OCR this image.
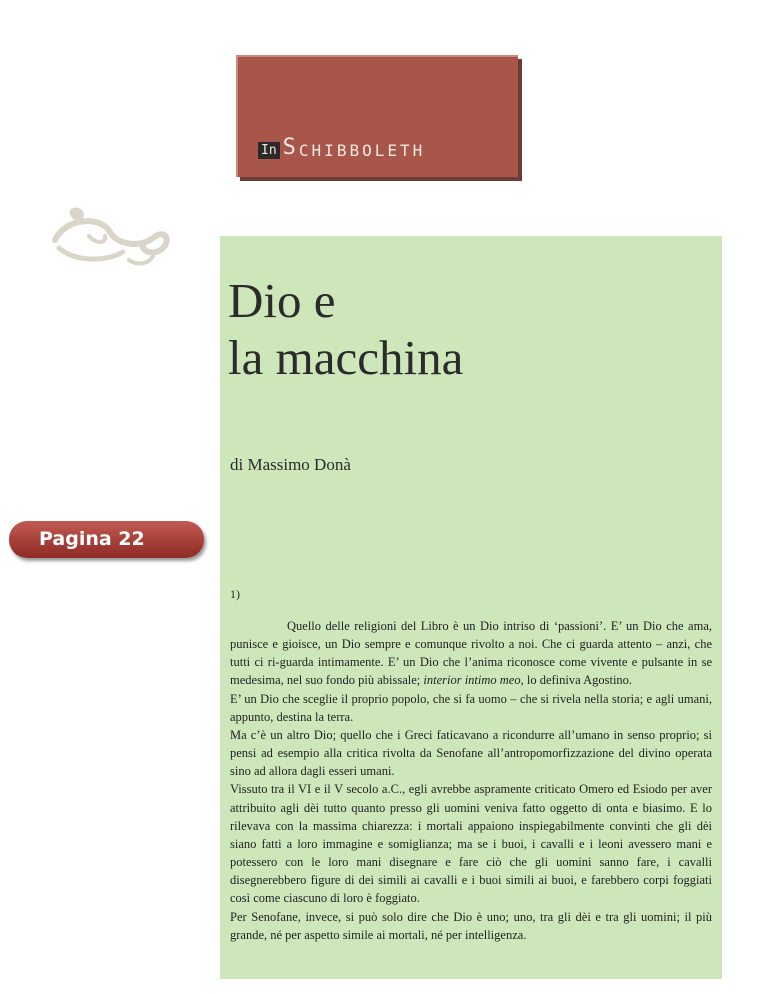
In S CH I BBOLETH
Dio e
la macchina
di Massimo Donà
Pagina 22
1)

Quello delle religioni del Libro è un Dio intriso di ‘passioni’. E’ un Dio che ama, punisce e gioisce, un Dio sempre e comunque rivolto a noi. Che ci guarda attento – anzi, che tutti ci ri-guarda intimamente. E’ un Dio che l’anima riconosce come vivente e pulsante in se medesima, nel suo fondo più abissale; interior intimo meo, lo definiva Agostino.

E’ un Dio che sceglie il proprio popolo, che si fa uomo – che si rivela nella storia; e agli umani, appunto, destina la terra.

Ma c’è un altro Dio; quello che i Greci faticavano a ricondurre all’umano in senso proprio; si pensi ad esempio alla critica rivolta da Senofane all’antropomorfizzazione del divino operata sino ad allora dagli esseri umani.

Vissuto tra il VI e il V secolo a.C., egli avrebbe aspramente criticato Omero ed Esiodo per aver attribuito agli dèi tutto quanto presso gli uomini veniva fatto oggetto di onta e biasimo. E lo rilevava con la massima chiarezza: i mortali appaiono inspiegabilmente convinti che gli dèi siano fatti a loro immagine e somiglianza; ma se i buoi, i cavalli e i leoni avessero mani e potessero con le loro mani disegnare e fare ciò che gli uomini sanno fare, i cavalli disegnerebbero figure di dei simili ai cavalli e i buoi simili ai buoi, e farebbero corpi foggiati così come ciascuno di loro è foggiato.

Per Senofane, invece, si può solo dire che Dio è uno; uno, tra gli dèi e tra gli uomini; il più grande, né per aspetto simile ai mortali, né per intelligenza.
